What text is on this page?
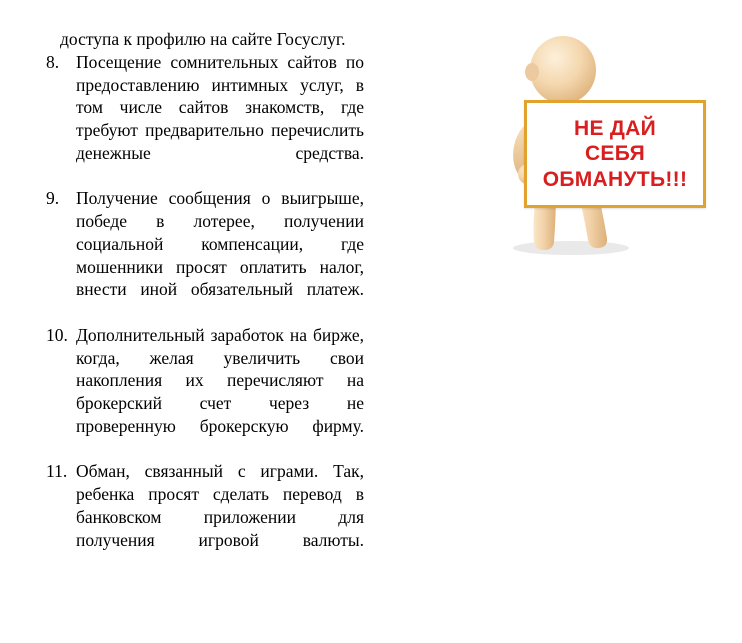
доступа к профилю на сайте Госуслуг.

8. Посещение сомнительных сайтов по предоставлению интимных услуг, в том числе сайтов знакомств, где требуют предварительно перечислить денежные средства.
9. Получение сообщения о выигрыше, победе в лотерее, получении социальной компенсации, где мошенники просят оплатить налог, внести иной обязательный платеж.
10. Дополнительный заработок на бирже, когда, желая увеличить свои накопления их перечисляют на брокерский счет через не проверенную брокерскую фирму.
11. Обман, связанный с играми. Так, ребенка просят сделать перевод в банковском приложении для получения игровой валюты.
НЕ ДАЙ
СЕБЯ
ОБМАНУТЬ!!!
